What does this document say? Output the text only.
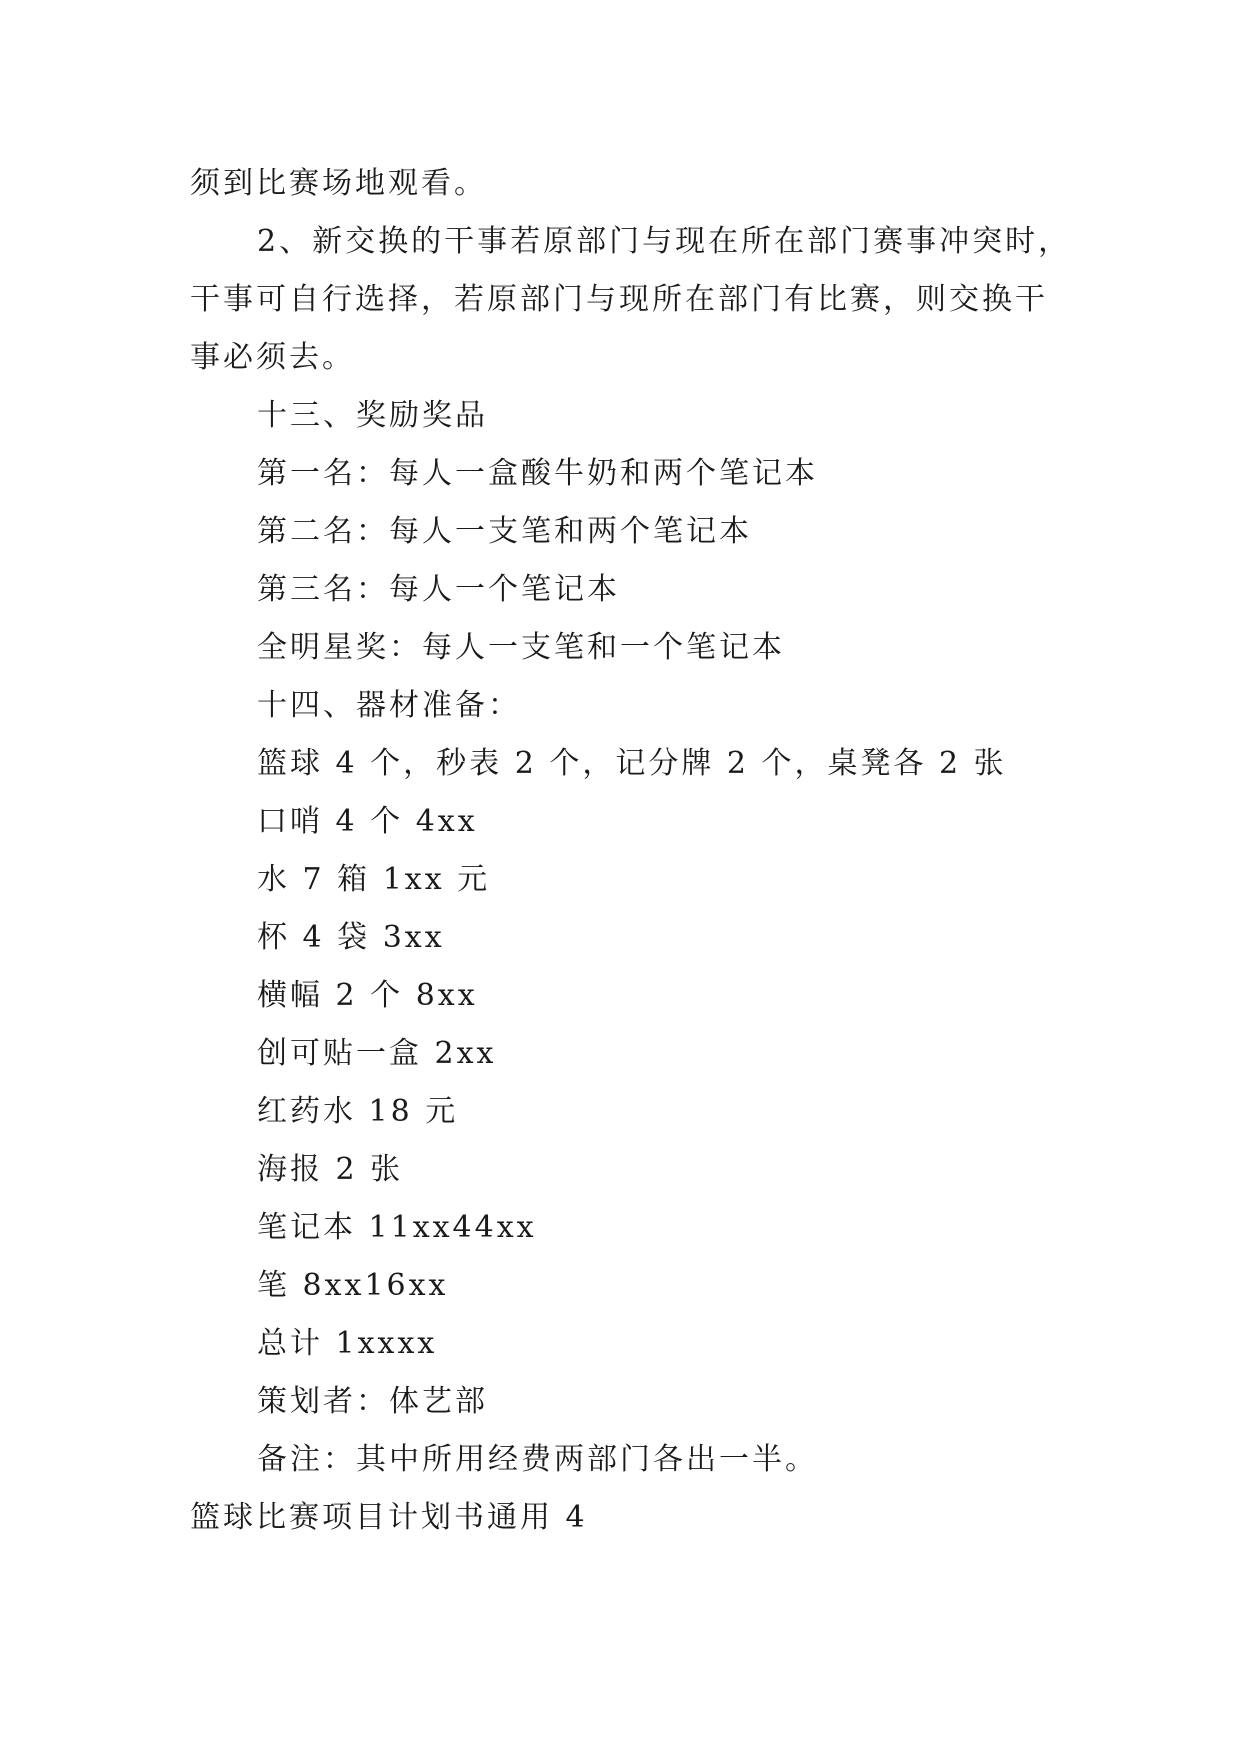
须到比赛场地观看。
2、新交换的干事若原部门与现在所在部门赛事冲突时，
干事可自行选择，若原部门与现所在部门有比赛，则交换干
事必须去。
十三、奖励奖品
第一名：每人一盒酸牛奶和两个笔记本
第二名：每人一支笔和两个笔记本
第三名：每人一个笔记本
全明星奖：每人一支笔和一个笔记本
十四、器材准备：
篮球 4 个，秒表 2 个，记分牌 2 个，桌凳各 2 张
口哨 4 个 4xx
水 7 箱 1xx 元
杯 4 袋 3xx
横幅 2 个 8xx
创可贴一盒 2xx
红药水 18 元
海报 2 张
笔记本 11xx44xx
笔 8xx16xx
总计 1xxxx
策划者：体艺部
备注：其中所用经费两部门各出一半。
篮球比赛项目计划书通用 4
